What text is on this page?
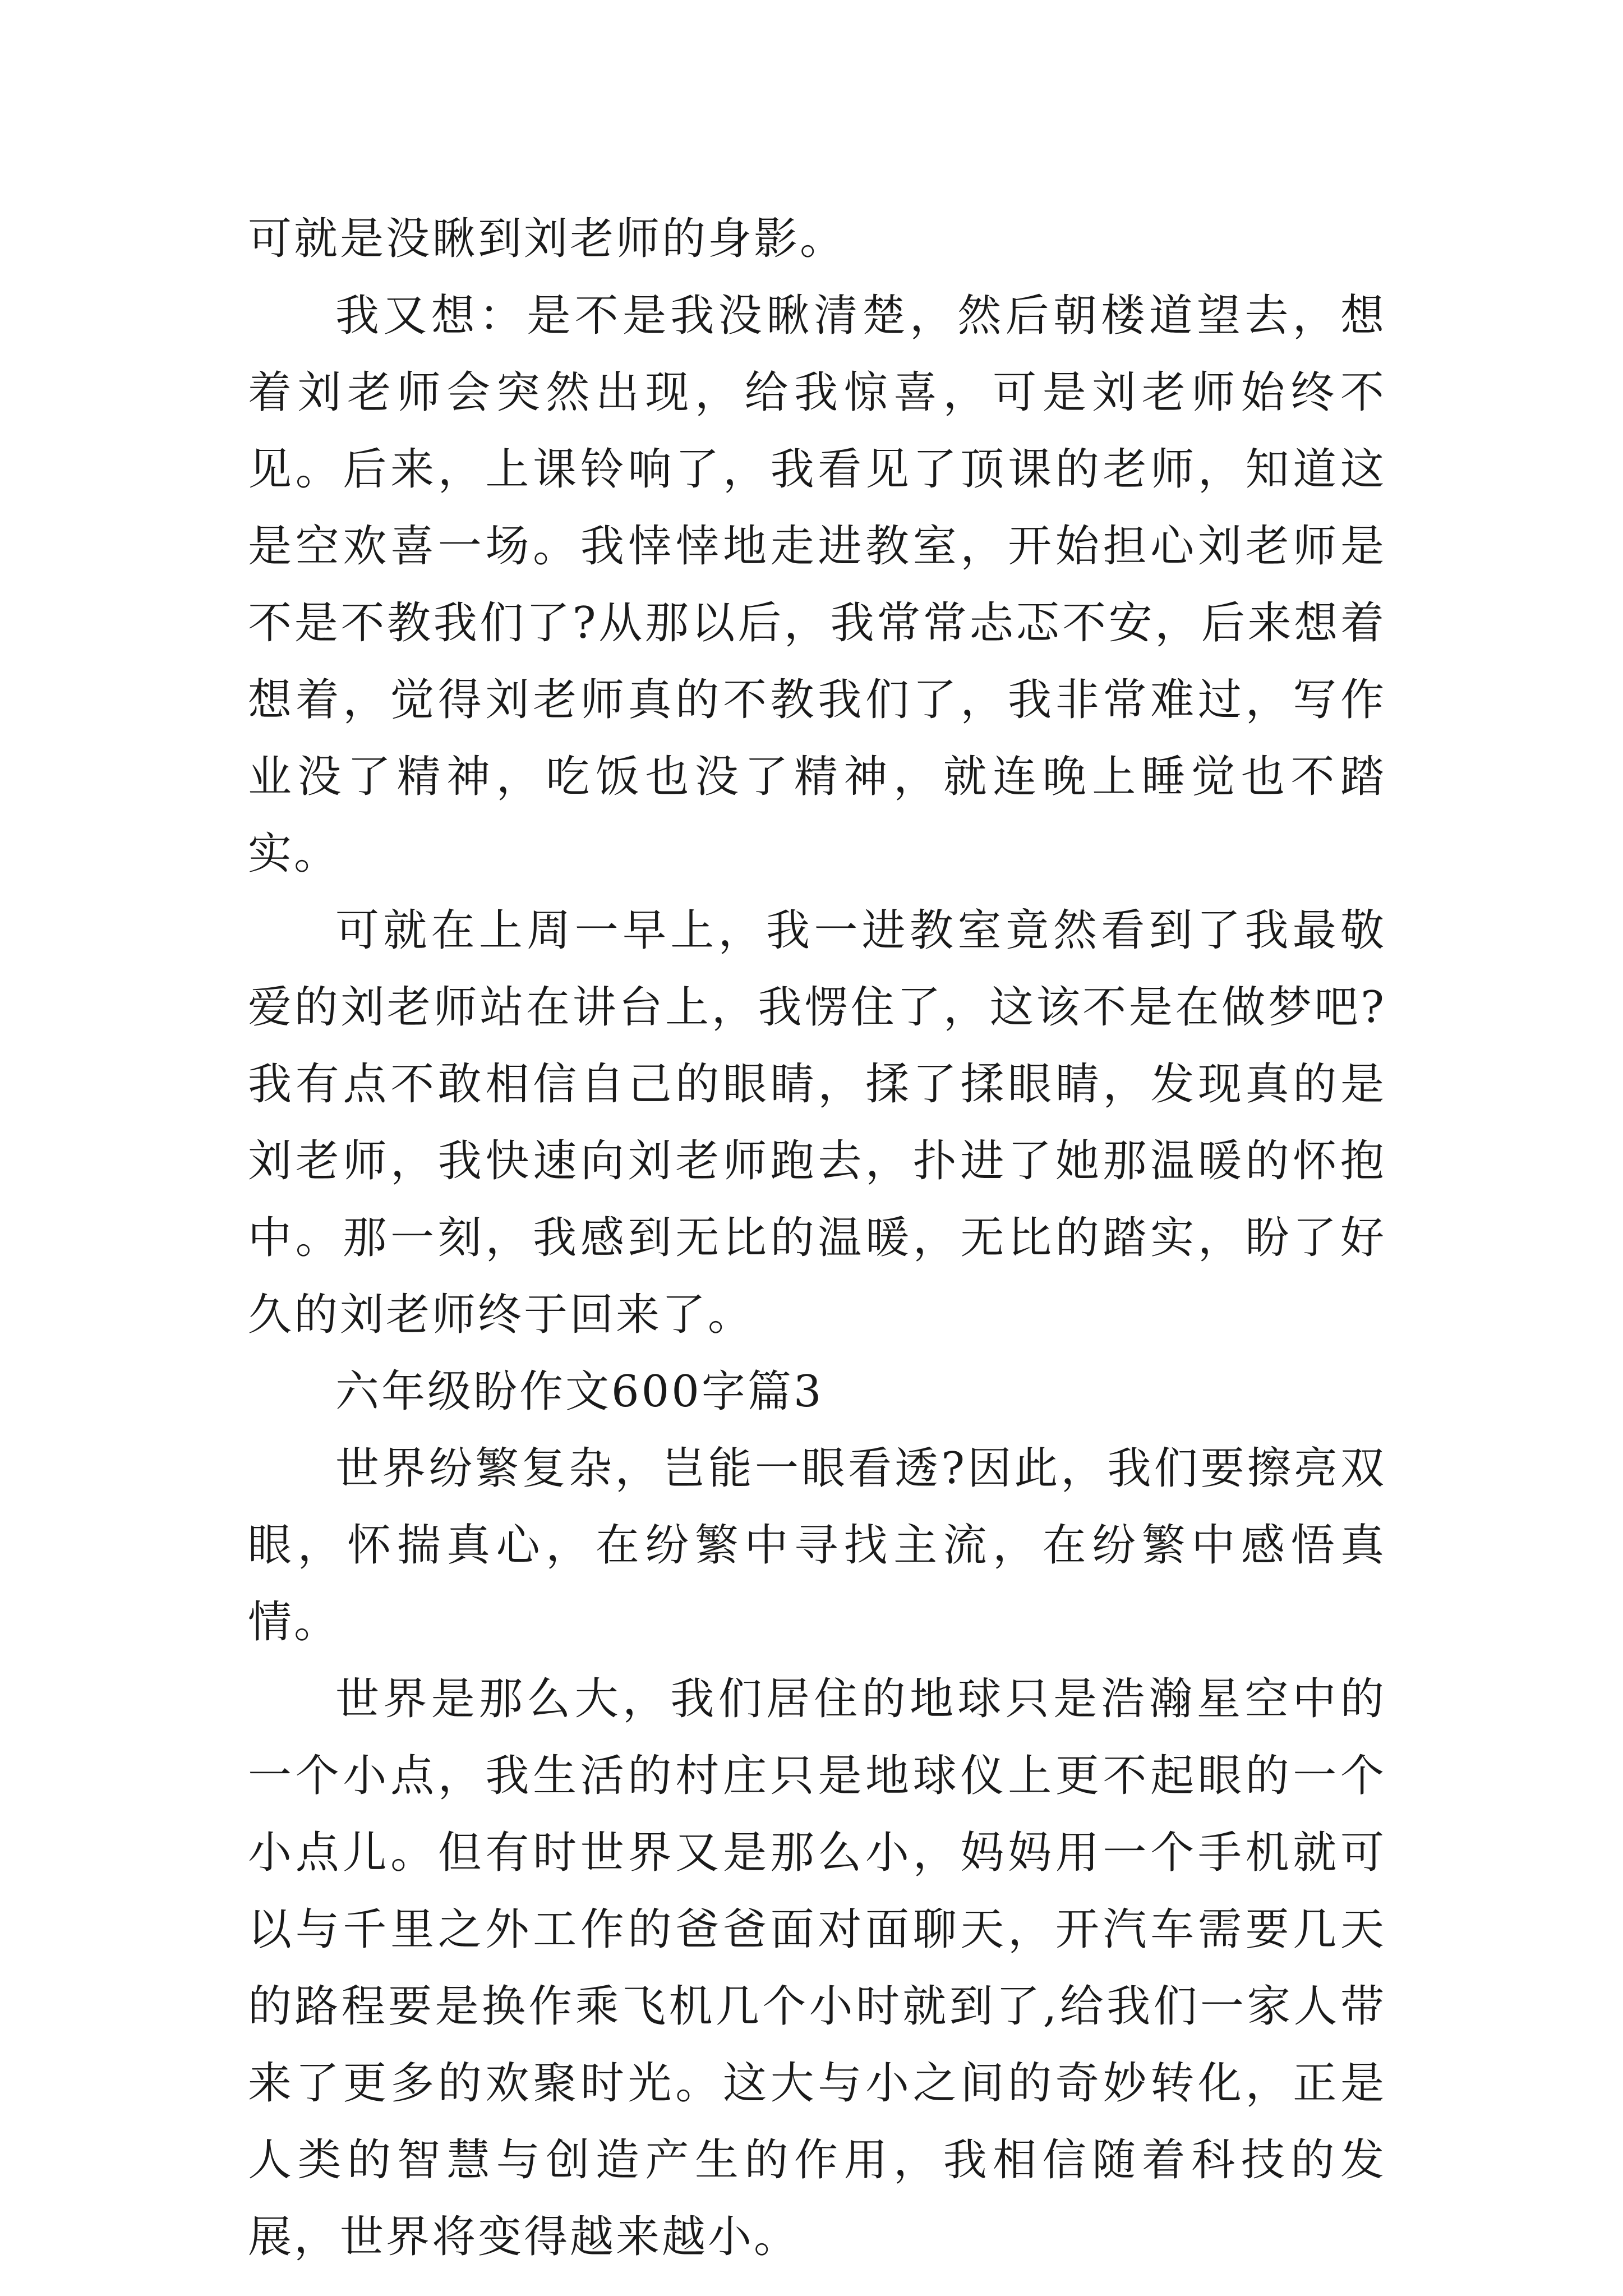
可就是没瞅到刘老师的身影。

我又想：是不是我没瞅清楚，然后朝楼道望去，想着刘老师会突然出现，给我惊喜，可是刘老师始终不见。后来，上课铃响了，我看见了顶课的老师，知道这是空欢喜一场。我悻悻地走进教室，开始担心刘老师是不是不教我们了?从那以后，我常常忐忑不安，后来想着想着，觉得刘老师真的不教我们了，我非常难过，写作业没了精神，吃饭也没了精神，就连晚上睡觉也不踏实。

可就在上周一早上，我一进教室竟然看到了我最敬爱的刘老师站在讲台上，我愣住了，这该不是在做梦吧?我有点不敢相信自己的眼睛，揉了揉眼睛，发现真的是刘老师，我快速向刘老师跑去，扑进了她那温暖的怀抱中。那一刻，我感到无比的温暖，无比的踏实，盼了好久的刘老师终于回来了。

六年级盼作文600字篇3

世界纷繁复杂，岂能一眼看透?因此，我们要擦亮双眼，怀揣真心，在纷繁中寻找主流，在纷繁中感悟真情。

世界是那么大，我们居住的地球只是浩瀚星空中的一个小点，我生活的村庄只是地球仪上更不起眼的一个小点儿。但有时世界又是那么小，妈妈用一个手机就可以与千里之外工作的爸爸面对面聊天，开汽车需要几天的路程要是换作乘飞机几个小时就到了,给我们一家人带来了更多的欢聚时光。这大与小之间的奇妙转化，正是人类的智慧与创造产生的作用，我相信随着科技的发展，世界将变得越来越小。
